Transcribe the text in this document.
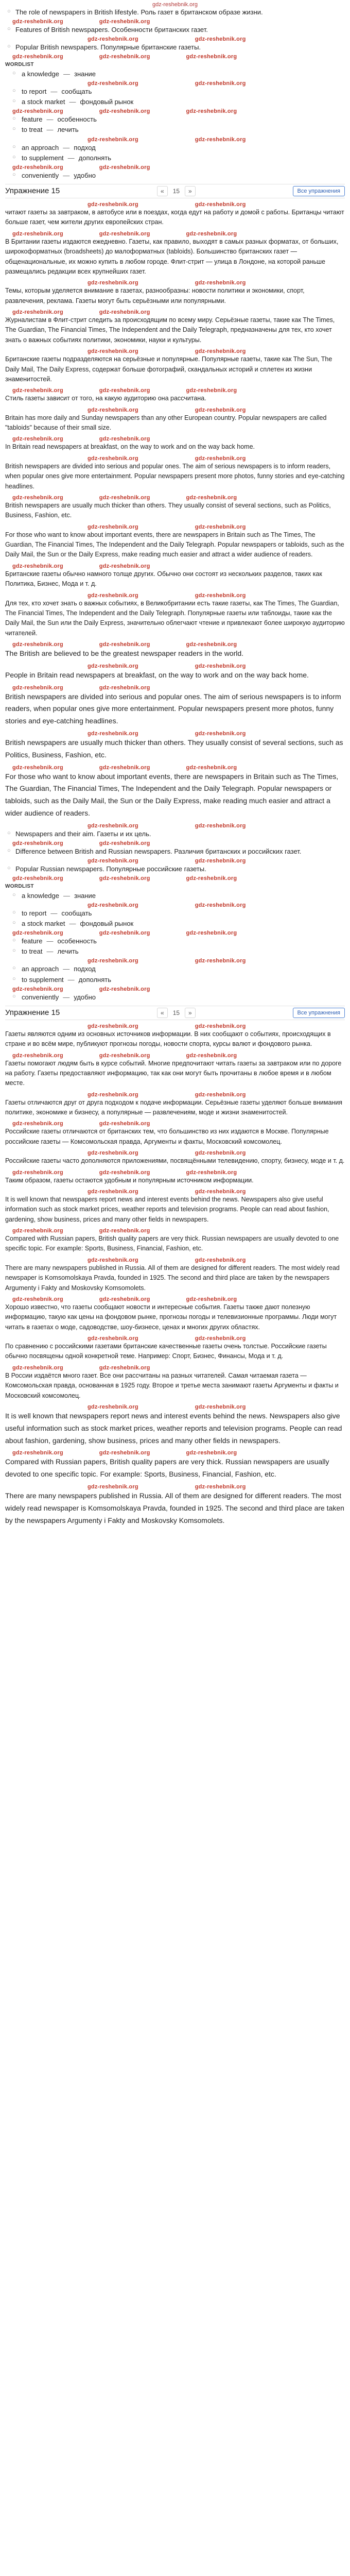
gdz-reshebnik.org
○ The role of newspapers in British lifestyle. Роль газет в британском образе жизни.
gdz-reshebnik.org	gdz-reshebnik.org
○ Features of British newspapers. Особенности британских газет.
gdz-reshebnik.org	gdz-reshebnik.org
○ Popular British newspapers. Популярные британские газеты.
gdz-reshebnik.org	gdz-reshebnik.org	gdz-reshebnik.org
WORDLIST
○ a knowledge — знание
gdz-reshebnik.org	gdz-reshebnik.org
○ to report — сообщать
○ a stock market — фондовый рынок
gdz-reshebnik.org	gdz-reshebnik.org	gdz-reshebnik.org
○ feature — особенность
○ to treat — лечить
gdz-reshebnik.org	gdz-reshebnik.org
○ an approach — подход
○ to supplement — дополнять
gdz-reshebnik.org	gdz-reshebnik.org
○ conveniently — удобно
Упражнение 15	«	15	»	Все упражнения
gdz-reshebnik.org	gdz-reshebnik.org

читают газеты за завтраком, в автобусе или в поездах, когда едут на работу и домой с работы. Британцы читают больше газет, чем жители других европейских стран.

gdz-reshebnik.org	gdz-reshebnik.org	gdz-reshebnik.org

В Британии газеты издаются ежедневно. Газеты, как правило, выходят в самых разных форматах, от больших, широкоформатных (broadsheets) до малоформатных (tabloids). Большинство британских газет — общенациональные, их можно купить в любом городе. Флит-стрит — улица в Лондоне, на которой раньше размещались редакции всех крупнейших газет.

gdz-reshebnik.org	gdz-reshebnik.org

Темы, которым уделяется внимание в газетах, разнообразны: новости политики и экономики, спорт, развлечения, реклама. Газеты могут быть серьёзными или популярными.

gdz-reshebnik.org	gdz-reshebnik.org

Журналистам в Флит-стрит следить за происходящим по всему миру. Серьёзные газеты, такие как The Times, The Guardian, The Financial Times, The Independent and the Daily Telegraph, предназначены для тех, кто хочет знать о важных событиях политики, экономики, науки и культуры.

gdz-reshebnik.org	gdz-reshebnik.org

Британские газеты подразделяются на серьёзные и популярные. Популярные газеты, такие как The Sun, The Daily Mail, The Daily Express, содержат больше фотографий, скандальных историй и сплетен из жизни знаменитостей.

gdz-reshebnik.org	gdz-reshebnik.org	gdz-reshebnik.org

Стиль газеты зависит от того, на какую аудиторию она рассчитана.

gdz-reshebnik.org	gdz-reshebnik.org

Britain has more daily and Sunday newspapers than any other European country. Popular newspapers are called "tabloids" because of their small size.

gdz-reshebnik.org	gdz-reshebnik.org

In Britain read newspapers at breakfast, on the way to work and on the way back home.

gdz-reshebnik.org	gdz-reshebnik.org

British newspapers are divided into serious and popular ones. The aim of serious newspapers is to inform readers, when popular ones give more entertainment. Popular newspapers present more photos, funny stories and eye-catching headlines.

gdz-reshebnik.org	gdz-reshebnik.org	gdz-reshebnik.org

British newspapers are usually much thicker than others. They usually consist of several sections, such as Politics, Business, Fashion, etc.

gdz-reshebnik.org	gdz-reshebnik.org

For those who want to know about important events, there are newspapers in Britain such as The Times, The Guardian, The Financial Times, The Independent and the Daily Telegraph. Popular newspapers or tabloids, such as the Daily Mail, the Sun or the Daily Express, make reading much easier and attract a wider audience of readers.

gdz-reshebnik.org	gdz-reshebnik.org

Британские газеты обычно намного толще других. Обычно они состоят из нескольких разделов, таких как Политика, Бизнес, Мода и т. д.

gdz-reshebnik.org	gdz-reshebnik.org

Для тех, кто хочет знать о важных событиях, в Великобритании есть такие газеты, как The Times, The Guardian, The Financial Times, The Independent and the Daily Telegraph. Популярные газеты или таблоиды, такие как the Daily Mail, the Sun или the Daily Express, значительно облегчают чтение и привлекают более широкую аудиторию читателей.

gdz-reshebnik.org	gdz-reshebnik.org	gdz-reshebnik.org

The British are believed to be the greatest newspaper readers in the world.

gdz-reshebnik.org	gdz-reshebnik.org

People in Britain read newspapers at breakfast, on the way to work and on the way back home.

gdz-reshebnik.org	gdz-reshebnik.org

British newspapers are divided into serious and popular ones. The aim of serious newspapers is to inform readers, when popular ones give more entertainment. Popular newspapers present more photos, funny stories and eye-catching headlines.

gdz-reshebnik.org	gdz-reshebnik.org

British newspapers are usually much thicker than others. They usually consist of several sections, such as Politics, Business, Fashion, etc.

gdz-reshebnik.org	gdz-reshebnik.org	gdz-reshebnik.org

For those who want to know about important events, there are newspapers in Britain such as The Times, The Guardian, The Financial Times, The Independent and the Daily Telegraph. Popular newspapers or tabloids, such as the Daily Mail, the Sun or the Daily Express, make reading much easier and attract a wider audience of readers.

gdz-reshebnik.org	gdz-reshebnik.org
○ Newspapers and their aim. Газеты и их цель.
gdz-reshebnik.org	gdz-reshebnik.org
○ Difference between British and Russian newspapers. Различия британских и российских газет.
gdz-reshebnik.org	gdz-reshebnik.org
○ Popular Russian newspapers. Популярные российские газеты.
gdz-reshebnik.org	gdz-reshebnik.org	gdz-reshebnik.org
WORDLIST
○ a knowledge — знание
gdz-reshebnik.org	gdz-reshebnik.org
○ to report — сообщать
○ a stock market — фондовый рынок
gdz-reshebnik.org	gdz-reshebnik.org	gdz-reshebnik.org
○ feature — особенность
○ to treat — лечить
gdz-reshebnik.org	gdz-reshebnik.org
○ an approach — подход
○ to supplement — дополнять
gdz-reshebnik.org	gdz-reshebnik.org
○ conveniently — удобно
Упражнение 15	«	15	»	Все упражнения
gdz-reshebnik.org	gdz-reshebnik.org

Газеты являются одним из основных источников информации. В них сообщают о событиях, происходящих в стране и во всём мире, публикуют прогнозы погоды, новости спорта, курсы валют и фондового рынка.

gdz-reshebnik.org	gdz-reshebnik.org	gdz-reshebnik.org

Газеты помогают людям быть в курсе событий. Многие предпочитают читать газеты за завтраком или по дороге на работу. Газеты предоставляют информацию, так как они могут быть прочитаны в любое время и в любом месте.

gdz-reshebnik.org	gdz-reshebnik.org

Газеты отличаются друг от друга подходом к подаче информации. Серьёзные газеты уделяют больше внимания политике, экономике и бизнесу, а популярные — развлечениям, моде и жизни знаменитостей.

gdz-reshebnik.org	gdz-reshebnik.org

Российские газеты отличаются от британских тем, что большинство из них издаются в Москве. Популярные российские газеты — Комсомольская правда, Аргументы и факты, Московский комсомолец.

gdz-reshebnik.org	gdz-reshebnik.org

Российские газеты часто дополняются приложениями, посвящёнными телевидению, спорту, бизнесу, моде и т. д.

gdz-reshebnik.org	gdz-reshebnik.org	gdz-reshebnik.org

Таким образом, газеты остаются удобным и популярным источником информации.

gdz-reshebnik.org	gdz-reshebnik.org

It is well known that newspapers report news and interest events behind the news. Newspapers also give useful information such as stock market prices, weather reports and television programs. People can read about fashion, gardening, show business, prices and many other fields in newspapers.

gdz-reshebnik.org	gdz-reshebnik.org

Compared with Russian papers, British quality papers are very thick. Russian newspapers are usually devoted to one specific topic. For example: Sports, Business, Financial, Fashion, etc.

gdz-reshebnik.org	gdz-reshebnik.org

There are many newspapers published in Russia. All of them are designed for different readers. The most widely read newspaper is Komsomolskaya Pravda, founded in 1925. The second and third place are taken by the newspapers Argumenty i Fakty and Moskovsky Komsomolets.

gdz-reshebnik.org	gdz-reshebnik.org	gdz-reshebnik.org

Хорошо известно, что газеты сообщают новости и интересные события. Газеты также дают полезную информацию, такую как цены на фондовом рынке, прогнозы погоды и телевизионные программы. Люди могут читать в газетах о моде, садоводстве, шоу-бизнесе, ценах и многих других областях.

gdz-reshebnik.org	gdz-reshebnik.org

По сравнению с российскими газетами британские качественные газеты очень толстые. Российские газеты обычно посвящены одной конкретной теме. Например: Спорт, Бизнес, Финансы, Мода и т. д.

gdz-reshebnik.org	gdz-reshebnik.org

В России издаётся много газет. Все они рассчитаны на разных читателей. Самая читаемая газета — Комсомольская правда, основанная в 1925 году. Второе и третье места занимают газеты Аргументы и факты и Московский комсомолец.

gdz-reshebnik.org	gdz-reshebnik.org

It is well known that newspapers report news and interest events behind the news. Newspapers also give useful information such as stock market prices, weather reports and television programs. People can read about fashion, gardening, show business, prices and many other fields in newspapers.

gdz-reshebnik.org	gdz-reshebnik.org	gdz-reshebnik.org

Compared with Russian papers, British quality papers are very thick. Russian newspapers are usually devoted to one specific topic. For example: Sports, Business, Financial, Fashion, etc.

gdz-reshebnik.org	gdz-reshebnik.org

There are many newspapers published in Russia. All of them are designed for different readers. The most widely read newspaper is Komsomolskaya Pravda, founded in 1925. The second and third place are taken by the newspapers Argumenty i Fakty and Moskovsky Komsomolets.
